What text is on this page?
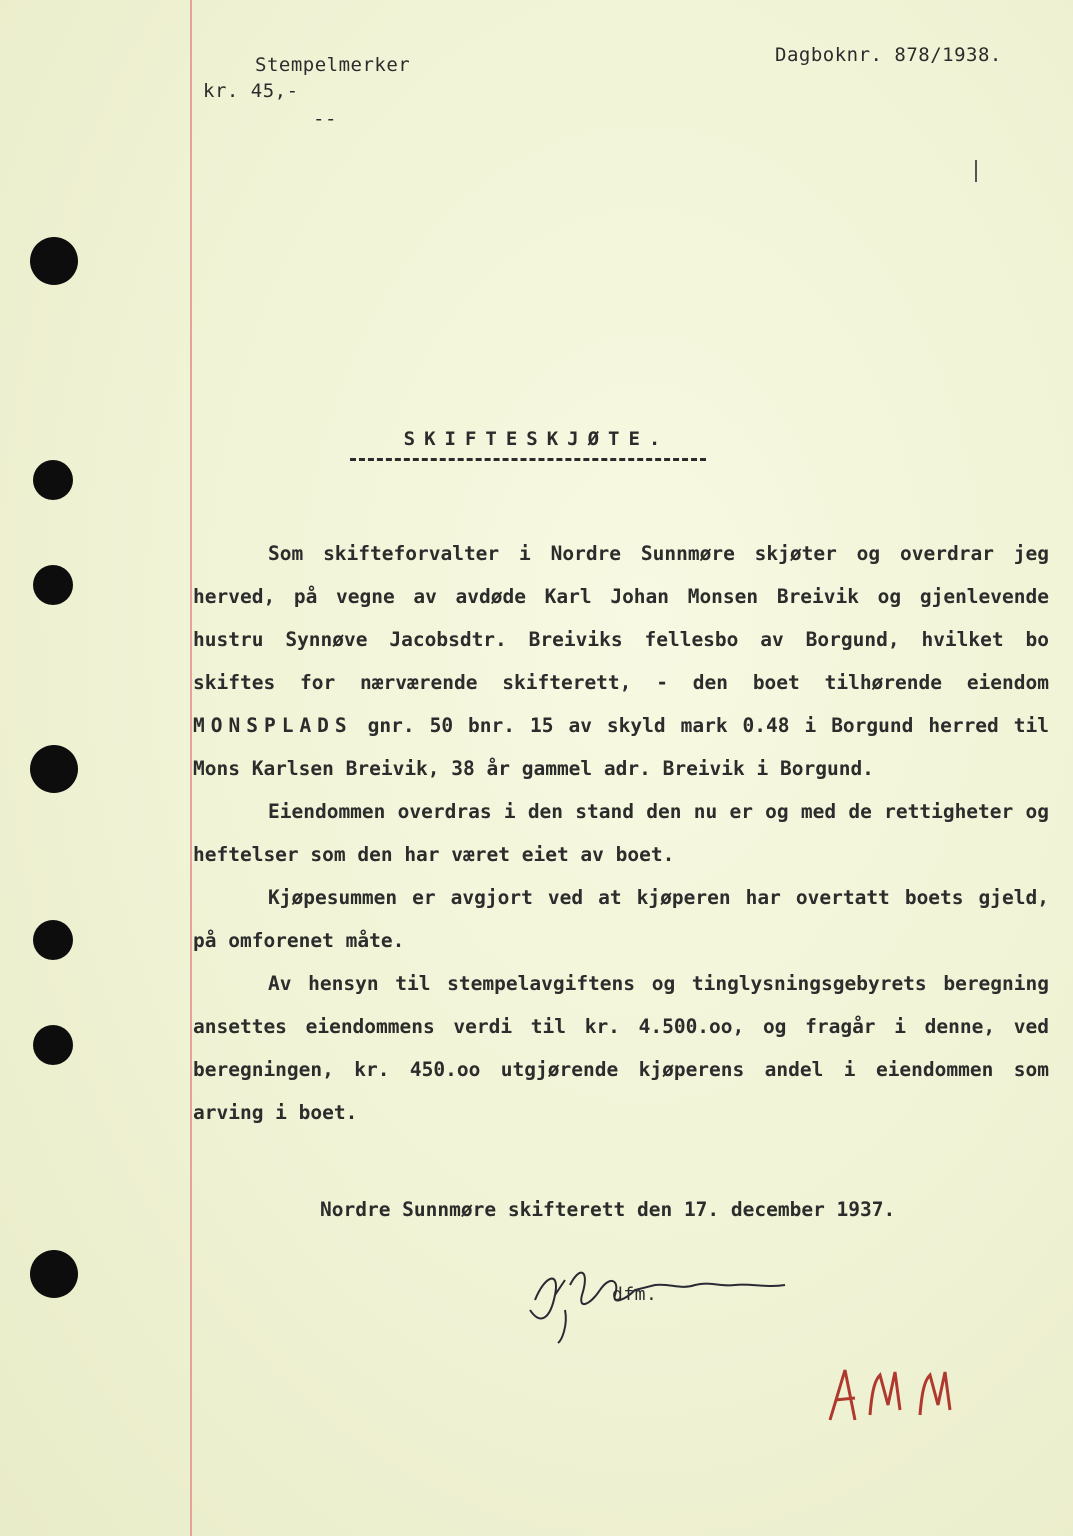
Stempelmerker
kr. 45,-
--
Dagboknr. 878/1938.
SKIFTESKJØTE.

Som skifteforvalter i Nordre Sunnmøre skjøter og overdrar jeg herved, på vegne av avdøde Karl Johan Monsen Breivik og gjenlevende hustru Synnøve Jacobsdtr. Breiviks fellesbo av Borgund, hvilket bo skiftes for nærværende skifterett, - den boet tilhørende eiendom MONSPLADS gnr. 50 bnr. 15 av skyld mark 0.48 i Borgund herred til Mons Karlsen Breivik, 38 år gammel adr. Breivik i Borgund.

Eiendommen overdras i den stand den nu er og med de rettigheter og heftelser som den har været eiet av boet.

Kjøpesummen er avgjort ved at kjøperen har overtatt boets gjeld, på omforenet måte.

Av hensyn til stempelavgiftens og tinglysningsgebyrets beregning ansettes eiendommens verdi til kr. 4.500.oo, og fragår i denne, ved beregningen, kr. 450.oo utgjørende kjøperens andel i eiendommen som arving i boet.

Nordre Sunnmøre skifterett den 17. december 1937.
dfm.
